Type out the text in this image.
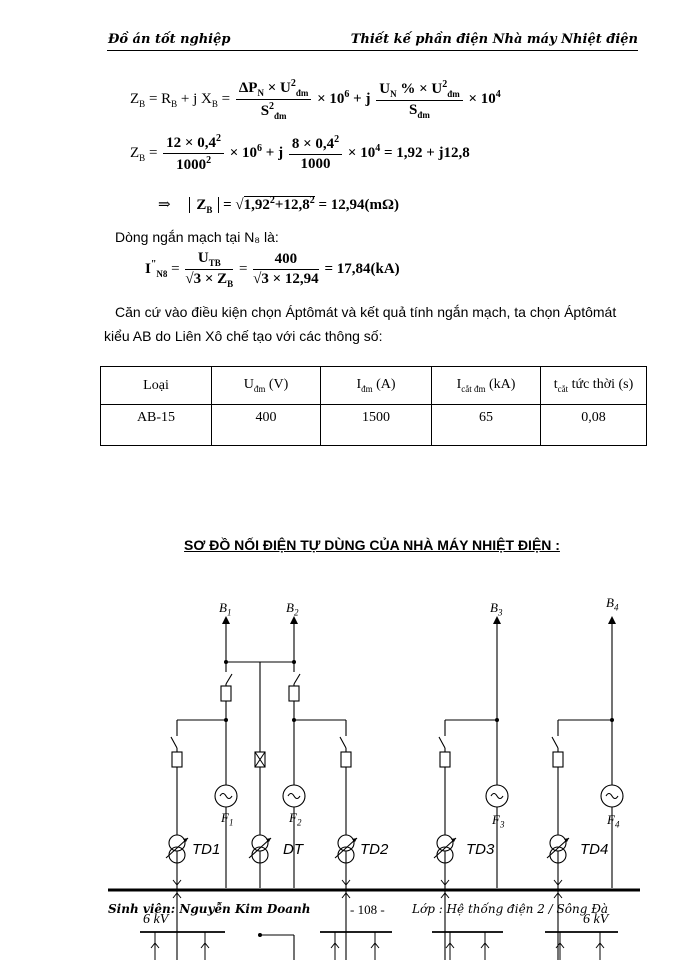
Đồ án tốt nghiệp	Thiết kế phần điện Nhà máy Nhiệt điện
$Z_B = R_B + j$ $X_B = \frac{\Delta P_N \times U^2_{đm}}{S^2_{đm}} \times 10^6 + j \frac{U_N \% \times U^2_{đm}}{S_{đm}} \times 10^4$
$Z_B = \frac{12 \times 0,4^2}{1000^2} \times 10^6 + j \frac{8 \times 0,4^2}{1000} \times 10^4 = 1,92 + j12,8$
⇒ $Z_B = √1,92^2+12,8^2 = 12,94(m\Omega)$
Dòng ngắn mạch tại N₈ là:
$I^"_{N8} = \frac{U_{TB}}{√3 \times Z_B} = \frac{400}{√3 \times 12,94} = 17,84(kA)$
Căn cứ vào điều kiện chọn Áptômát và kết quả tính ngắn mạch, ta chọn Áptômát
kiểu AB do Liên Xô chế tạo với các thông số:
Loại	$U_{đm}$ (V)	$I_{đm}$ (A)	$I_{cắt đm}$ (kA)	$t_{cắt}$ tức thời (s)
AB-15	400	1500	65	0,08
SƠ ĐỒ NỐI ĐIỆN TỰ DÙNG CỦA NHÀ MÁY NHIỆT ĐIỆN :
$B_1$	$B_2$	$B_3$
$B_4$
$F_1$	$F_2$	$F_3$	$F_4$
TD1	DT	TD2	TD3	TD4
6 kV	6 kV
Sinh viên: Nguyễn Kim Doanh	- 108 - Lớp : Hệ thống điện 2 / Sông Đà
